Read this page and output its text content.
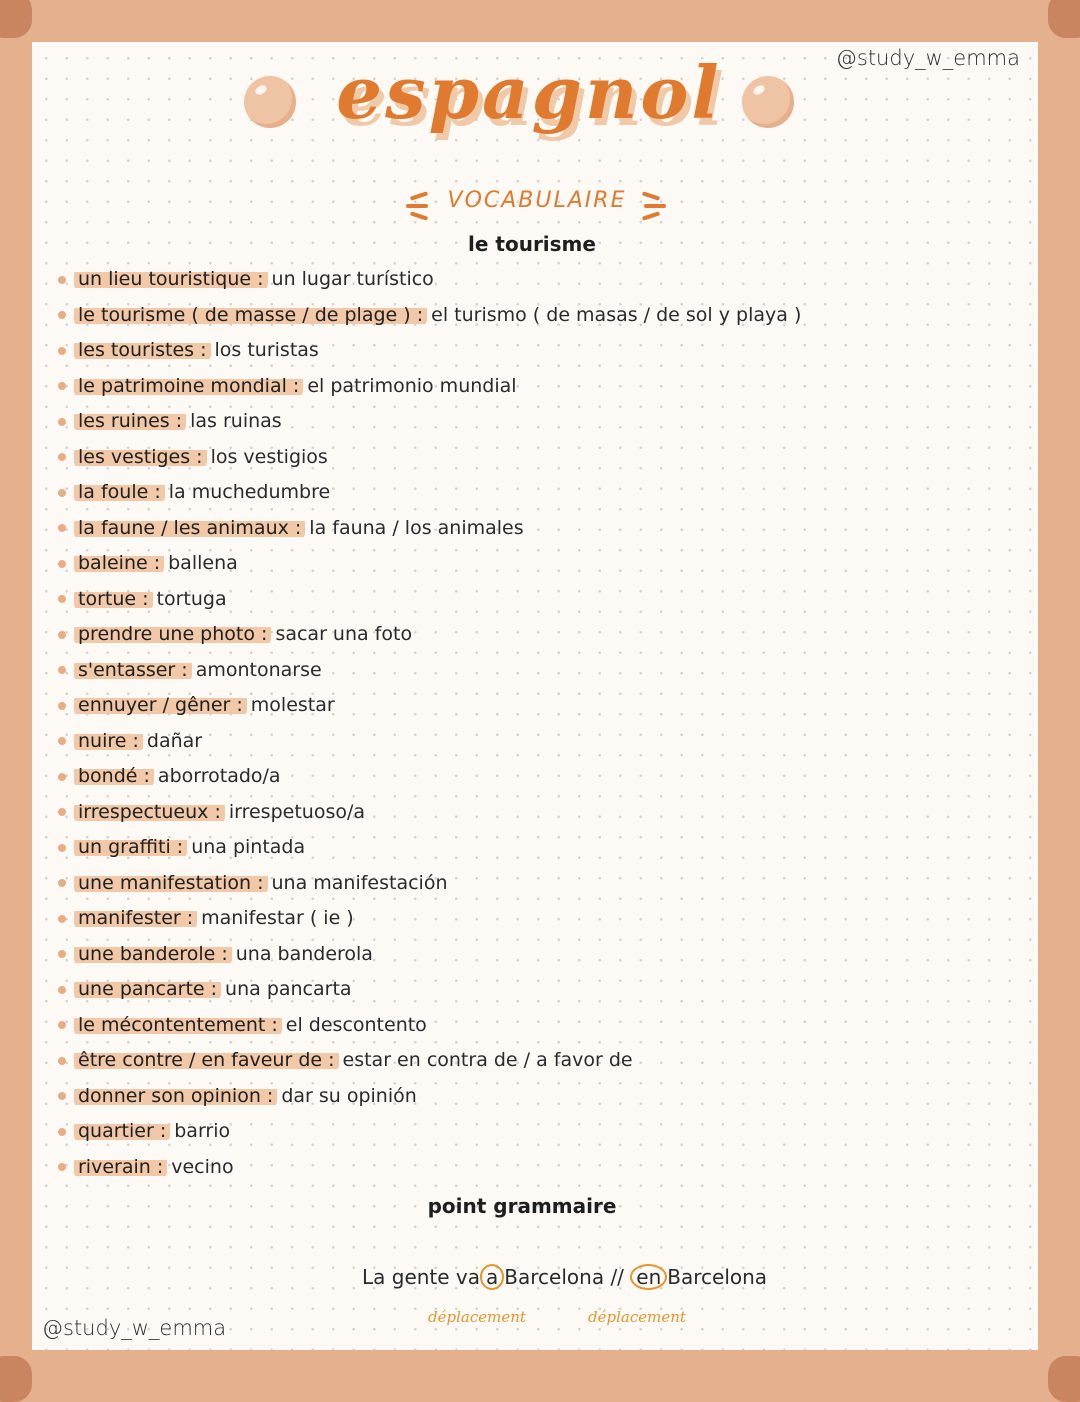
@study_w_emma
espagnol
VOCABULAIRE
le tourisme
un lieu touristique : un lugar turístico
le tourisme ( de masse / de plage ) : el turismo ( de masas / de sol y playa )
les touristes : los turistas
le patrimoine mondial : el patrimonio mundial
les ruines : las ruinas
les vestiges : los vestigios
la foule : la muchedumbre
la faune / les animaux : la fauna / los animales
baleine : ballena
tortue : tortuga
prendre une photo : sacar una foto
s'entasser : amontonarse
ennuyer / gêner : molestar
nuire : dañar
bondé : aborrotado/a
irrespectueux : irrespetuoso/a
un graffiti : una pintada
une manifestation : una manifestación
manifester : manifestar ( ie )
une banderole : una banderola
une pancarte : una pancarta
le mécontentement : el descontento
être contre / en faveur de : estar en contra de / a favor de
donner son opinion : dar su opinión
quartier : barrio
riverain : vecino
point grammaire
La gente va a Barcelona // en Barcelona
déplacement	déplacement
@study_w_emma
